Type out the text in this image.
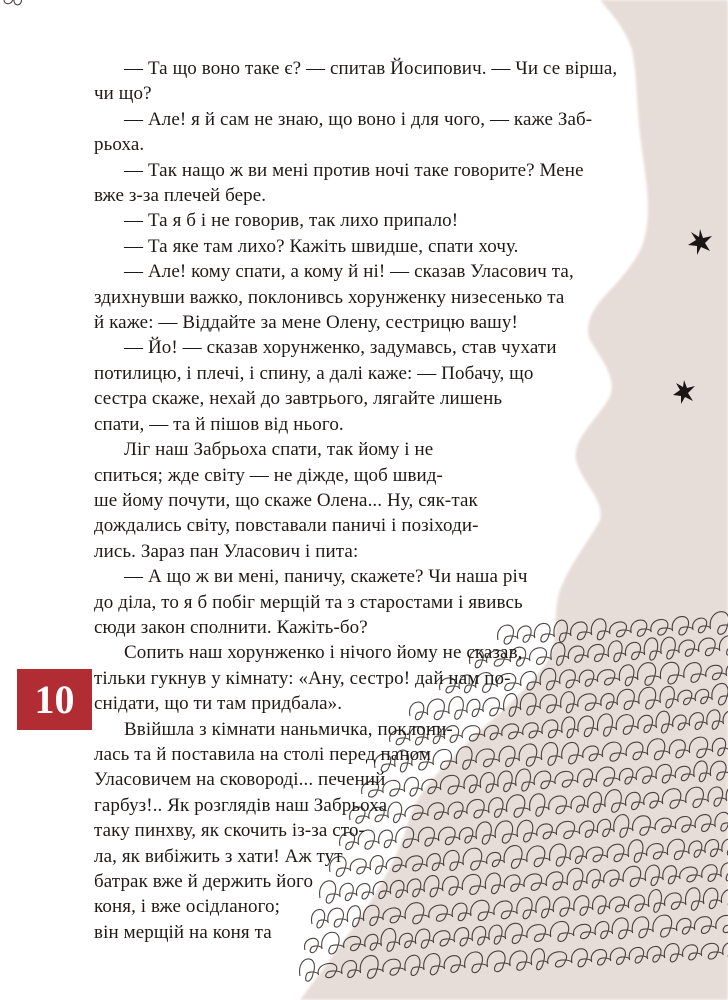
— Та що воно таке є? — спитав Йосипович. — Чи се вірша,
чи що?
— Але! я й сам не знаю, що воно і для чого, — каже Заб-
рьоха.
— Так нащо ж ви мені против ночі таке говорите? Мене
вже з-за плечей бере.
— Та я б і не говорив, так лихо припало!
— Та яке там лихо? Кажіть швидше, спати хочу.
— Але! кому спати, а кому й ні! — сказав Уласович та,
здихнувши важко, поклонивсь хорунженку низесенько та
й каже: — Віддайте за мене Олену, сестрицю вашу!
— Йо! — сказав хорунженко, задумавсь, став чухати
потилицю, і плечі, і спину, а далі каже: — Побачу, що
сестра скаже, нехай до завтрього, лягайте лишень
спати, — та й пішов від нього.
Ліг наш Забрьоха спати, так йому і не
спиться; жде світу — не діжде, щоб швид-
ше йому почути, що скаже Олена... Ну, сяк-так
дождались світу, повставали паничі і позіходи-
лись. Зараз пан Уласович і пита:
— А що ж ви мені, паничу, скажете? Чи наша річ
до діла, то я б побіг мерщій та з старостами і явивсь
сюди закон сполнити. Кажіть-бо?
Сопить наш хорунженко і нічого йому не сказав,
тільки гукнув у кімнату: «Ану, сестро! дай нам по-
снідати, що ти там придбала».
Ввійшла з кімнати наньмичка, поклони-
лась та й поставила на столі перед паном
Уласовичем на сковороді... печений
гарбуз!.. Як розглядів наш Забрьоха
таку пинхву, як скочить із-за сто-
ла, як вибіжить з хати! Аж тут
батрак вже й держить його
коня, і вже осідланого;
він мерщій на коня та
10
